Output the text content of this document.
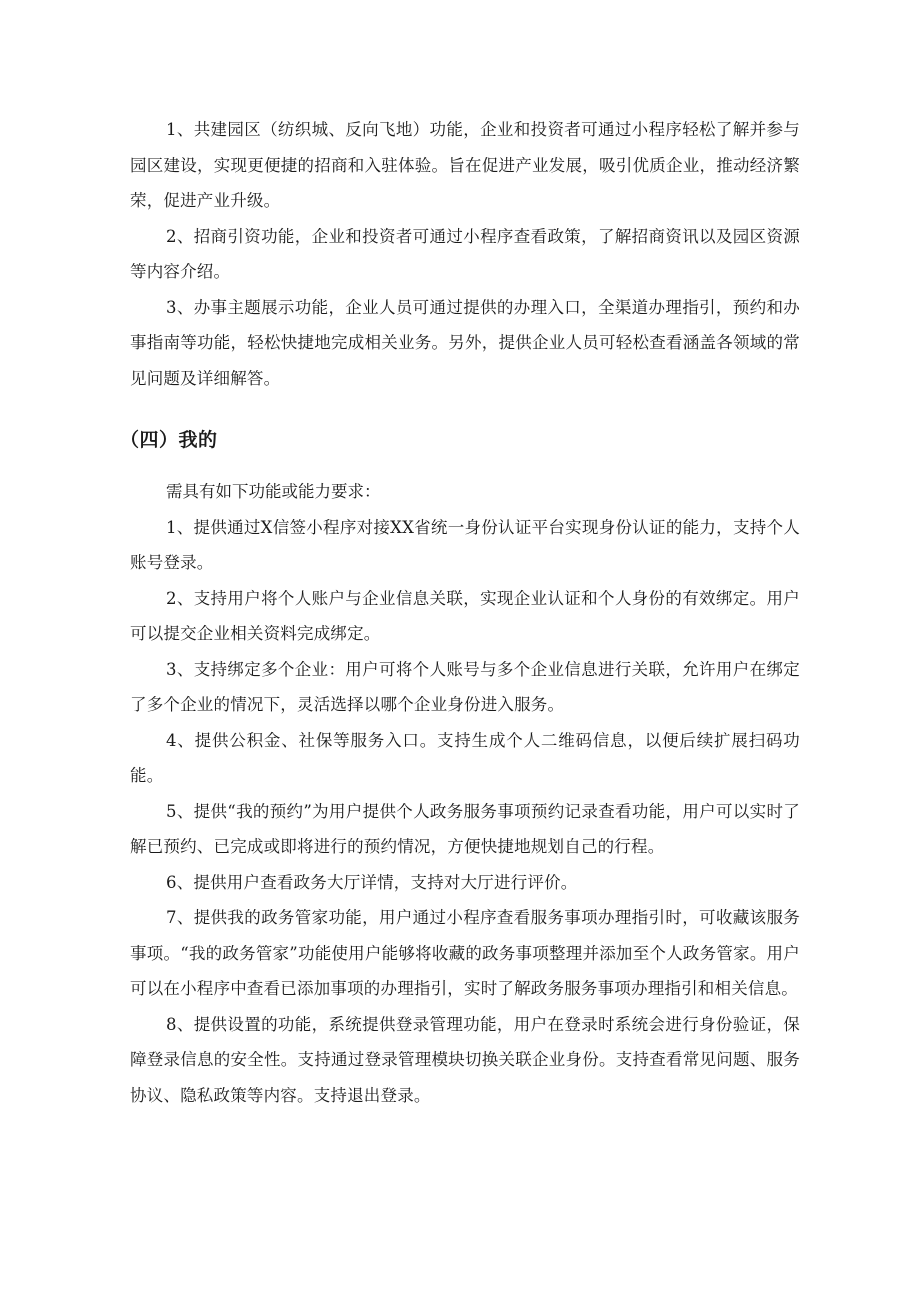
1、共建园区（纺织城、反向飞地）功能，企业和投资者可通过小程序轻松了解并参与园区建设，实现更便捷的招商和入驻体验。旨在促进产业发展，吸引优质企业，推动经济繁荣，促进产业升级。

2、招商引资功能，企业和投资者可通过小程序查看政策，了解招商资讯以及园区资源等内容介绍。

3、办事主题展示功能，企业人员可通过提供的办理入口，全渠道办理指引，预约和办事指南等功能，轻松快捷地完成相关业务。另外，提供企业人员可轻松查看涵盖各领域的常见问题及详细解答。

（四）我的

需具有如下功能或能力要求：

1、提供通过X信签小程序对接XX省统一身份认证平台实现身份认证的能力，支持个人账号登录。

2、支持用户将个人账户与企业信息关联，实现企业认证和个人身份的有效绑定。用户可以提交企业相关资料完成绑定。

3、支持绑定多个企业：用户可将个人账号与多个企业信息进行关联，允许用户在绑定了多个企业的情况下，灵活选择以哪个企业身份进入服务。

4、提供公积金、社保等服务入口。支持生成个人二维码信息，以便后续扩展扫码功能。

5、提供“我的预约”为用户提供个人政务服务事项预约记录查看功能，用户可以实时了解已预约、已完成或即将进行的预约情况，方便快捷地规划自己的行程。

6、提供用户查看政务大厅详情，支持对大厅进行评价。

7、提供我的政务管家功能，用户通过小程序查看服务事项办理指引时，可收藏该服务事项。“我的政务管家”功能使用户能够将收藏的政务事项整理并添加至个人政务管家。用户可以在小程序中查看已添加事项的办理指引，实时了解政务服务事项办理指引和相关信息。

8、提供设置的功能，系统提供登录管理功能，用户在登录时系统会进行身份验证，保障登录信息的安全性。支持通过登录管理模块切换关联企业身份。支持查看常见问题、服务协议、隐私政策等内容。支持退出登录。
